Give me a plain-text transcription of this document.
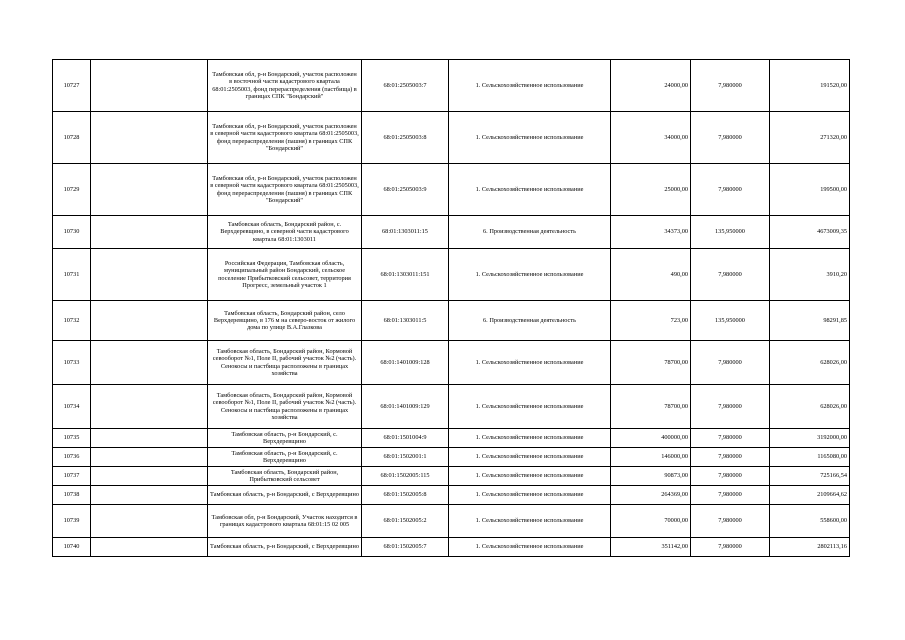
10727		Тамбовская обл, р-н Бондарский, участок расположен в восточной части кадастрового квартала 68:01:2505003, фонд перераспределения (пастбища) в границах СПК "Бондарский"	68:01:2505003:7	1. Сельскохозяйственное использование	24000,00	7,980000	191520,00
10728		Тамбовская обл, р-н Бондарский, участок расположен в северной части кадастрового квартала 68:01:2505003, фонд перераспределения (пашня) в границах СПК "Бондарский"	68:01:2505003:8	1. Сельскохозяйственное использование	34000,00	7,980000	271320,00
10729		Тамбовская обл, р-н Бондарский, участок расположен в северной части кадастрового квартала 68:01:2505003, фонд перераспределения (пашня) в границах СПК "Бондарский"	68:01:2505003:9	1. Сельскохозяйственное использование	25000,00	7,980000	199500,00
10730		Тамбовская область, Бондарский район, с. Верхдеревщино, в северной части кадастрового квартала 68:01:1303011	68:01:1303011:15	6. Производственная деятельность	34373,00	135,950000	4673009,35
10731		Российская Федерация, Тамбовская область, муниципальный район Бондарский, сельское поселение Прибытковский сельсовет, территория Прогресс, земельный участок 1	68:01:1303011:151	1. Сельскохозяйственное использование	490,00	7,980000	3910,20
10732		Тамбовская область, Бондарский район, село Верхдеревщино, в 176 м на северо-восток от жилого дома по улице В.А.Глазкова	68:01:1303011:5	6. Производственная деятельность	723,00	135,950000	98291,85
10733		Тамбовская область, Бондарский район, Кормовой севооборот №1, Поле II, рабочий участок №2 (часть). Сенокосы и пастбища расположены в границах хозяйства	68:01:1401009:128	1. Сельскохозяйственное использование	78700,00	7,980000	628026,00
10734		Тамбовская область, Бондарский район, Кормовой севооборот №1, Поле II, рабочий участок №2 (часть). Сенокосы и пастбища расположены в границах хозяйства	68:01:1401009:129	1. Сельскохозяйственное использование	78700,00	7,980000	628026,00
10735		Тамбовская область, р-н Бондарский, с. Верхдеревщино	68:01:1501004:9	1. Сельскохозяйственное использование	400000,00	7,980000	3192000,00
10736		Тамбовская область, р-н Бондарский, с. Верхдеревщино	68:01:1502001:1	1. Сельскохозяйственное использование	146000,00	7,980000	1165080,00
10737		Тамбовская область, Бондарский район, Прибытковский сельсовет	68:01:1502005:115	1. Сельскохозяйственное использование	90873,00	7,980000	725166,54
10738		Тамбовская область, р-н Бондарский, с Верхдеревщино	68:01:1502005:8	1. Сельскохозяйственное использование	264369,00	7,980000	2109664,62
10739		Тамбовская обл, р-н Бондарский, Участок находится в границах кадастрового квартала 68:01:15 02 005	68:01:1502005:2	1. Сельскохозяйственное использование	70000,00	7,980000	558600,00
10740		Тамбовская область, р-н Бондарский, с Верхдеревщино	68:01:1502005:7	1. Сельскохозяйственное использование	351142,00	7,980000	2802113,16
